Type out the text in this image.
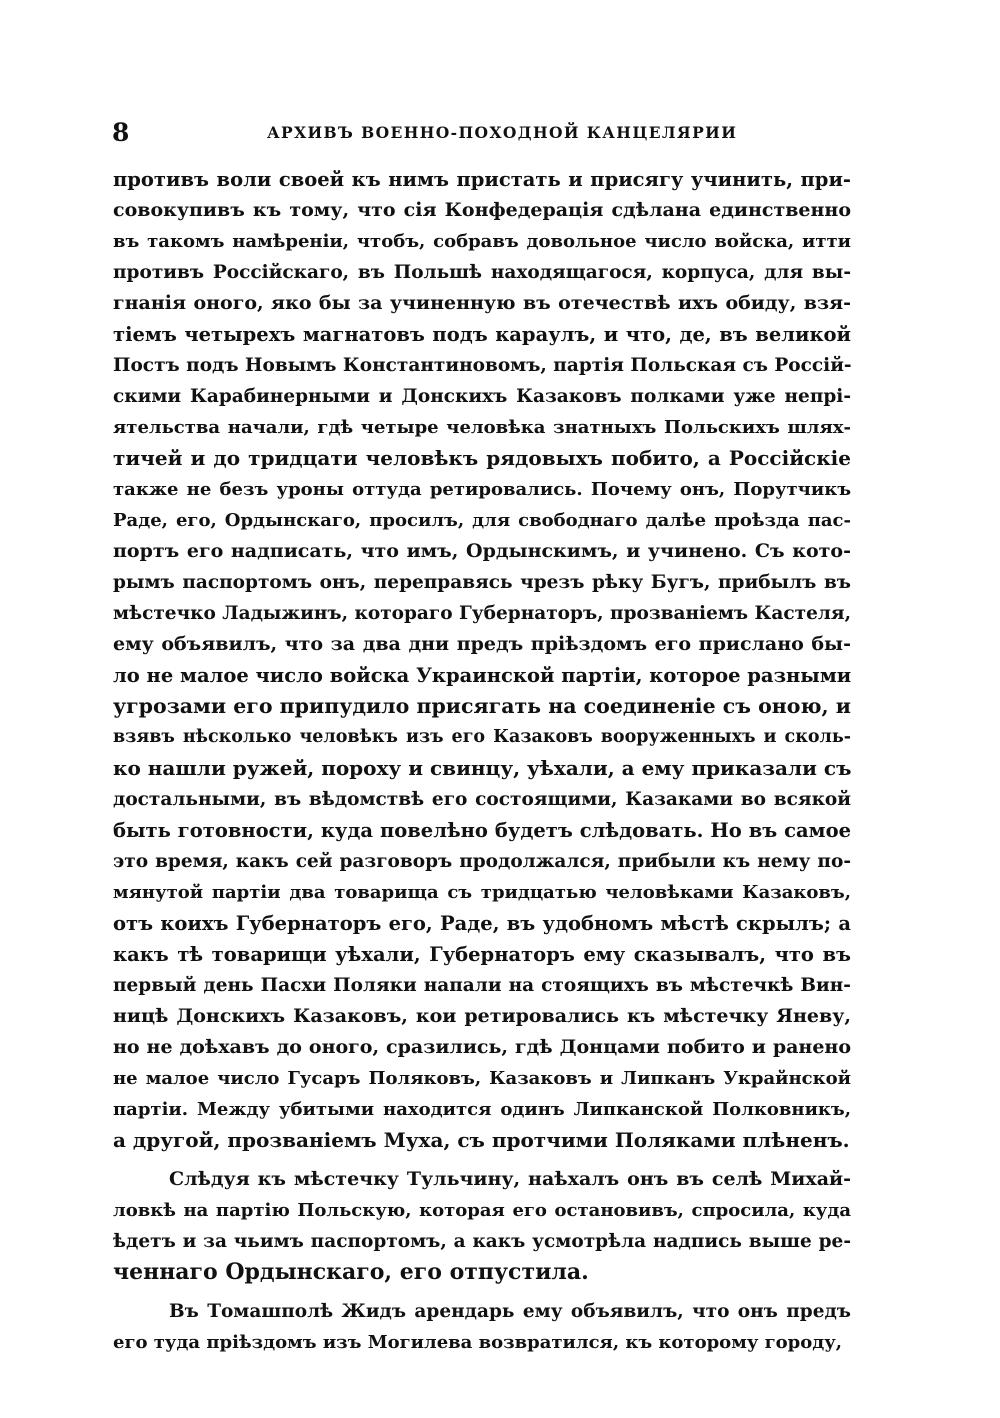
8	АРХИВЪ ВОЕННО-ПОХОДНОЙ КАНЦЕЛЯРИИ
противъ воли своей къ нимъ пристать и присягу учинить, при-
совокупивъ къ тому, что сія Конфедерація сдѣлана единственно
въ такомъ намѣреніи, чтобъ, собравъ довольное число войска, итти
противъ Россійскаго, въ Польшѣ находящагося, корпуса, для вы-
гнанія оного, яко бы за учиненную въ отечествѣ ихъ обиду, взя-
тіемъ четырехъ магнатовъ подъ караулъ, и что, де, въ великой
Постъ подъ Новымъ Константиновомъ, партія Польская съ Россій-
скими Карабинерными и Донскихъ Казаковъ полками уже непрі-
ятельства начали, гдѣ четыре человѣка знатныхъ Польскихъ шлях-
тичей и до тридцати человѣкъ рядовыхъ побито, а Россійскіе
также не безъ уроны оттуда ретировались. Почему онъ, Порутчикъ
Раде, его, Ордынскаго, просилъ, для свободнаго далѣе проѣзда пас-
портъ его надписать, что имъ, Ордынскимъ, и учинено. Съ кото-
рымъ паспортомъ онъ, переправясь чрезъ рѣку Бугъ, прибылъ въ
мѣстечко Ладыжинъ, котораго Губернаторъ, прозваніемъ Кастеля,
ему объявилъ, что за два дни предъ пріѣздомъ его прислано бы-
ло не малое число войска Украинской партіи, которое разными
угрозами его припудило присягать на соединеніе съ оною, и
взявъ нѣсколько человѣкъ изъ его Казаковъ вооруженныхъ и сколь-
ко нашли ружей, пороху и свинцу, уѣхали, а ему приказали съ
достальными, въ вѣдомствѣ его состоящими, Казаками во всякой
быть готовности, куда повелѣно будетъ слѣдовать. Но въ самое
это время, какъ сей разговоръ продолжался, прибыли къ нему по-
мянутой партіи два товарища съ тридцатью человѣками Казаковъ,
отъ коихъ Губернаторъ его, Раде, въ удобномъ мѣстѣ скрылъ; а
какъ тѣ товарищи уѣхали, Губернаторъ ему сказывалъ, что въ
первый день Пасхи Поляки напали на стоящихъ въ мѣстечкѣ Вин-
ницѣ Донскихъ Казаковъ, кои ретировались къ мѣстечку Яневу,
но не доѣхавъ до оного, сразились, гдѣ Донцами побито и ранено
не малое число Гусаръ Поляковъ, Казаковъ и Липканъ Украйнской
партіи. Между убитыми находится одинъ Липканской Полковникъ,
а другой, прозваніемъ Муха, съ протчими Поляками плѣненъ.
Слѣдуя къ мѣстечку Тульчину, наѣхалъ онъ въ селѣ Михай-
ловкѣ на партію Польскую, которая его остановивъ, спросила, куда
ѣдетъ и за чьимъ паспортомъ, а какъ усмотрѣла надпись выше ре-
ченнаго Ордынскаго, его отпустила.
Въ Томашполѣ Жидъ арендарь ему объявилъ, что онъ предъ
его туда пріѣздомъ изъ Могилева возвратился, къ которому городу,
